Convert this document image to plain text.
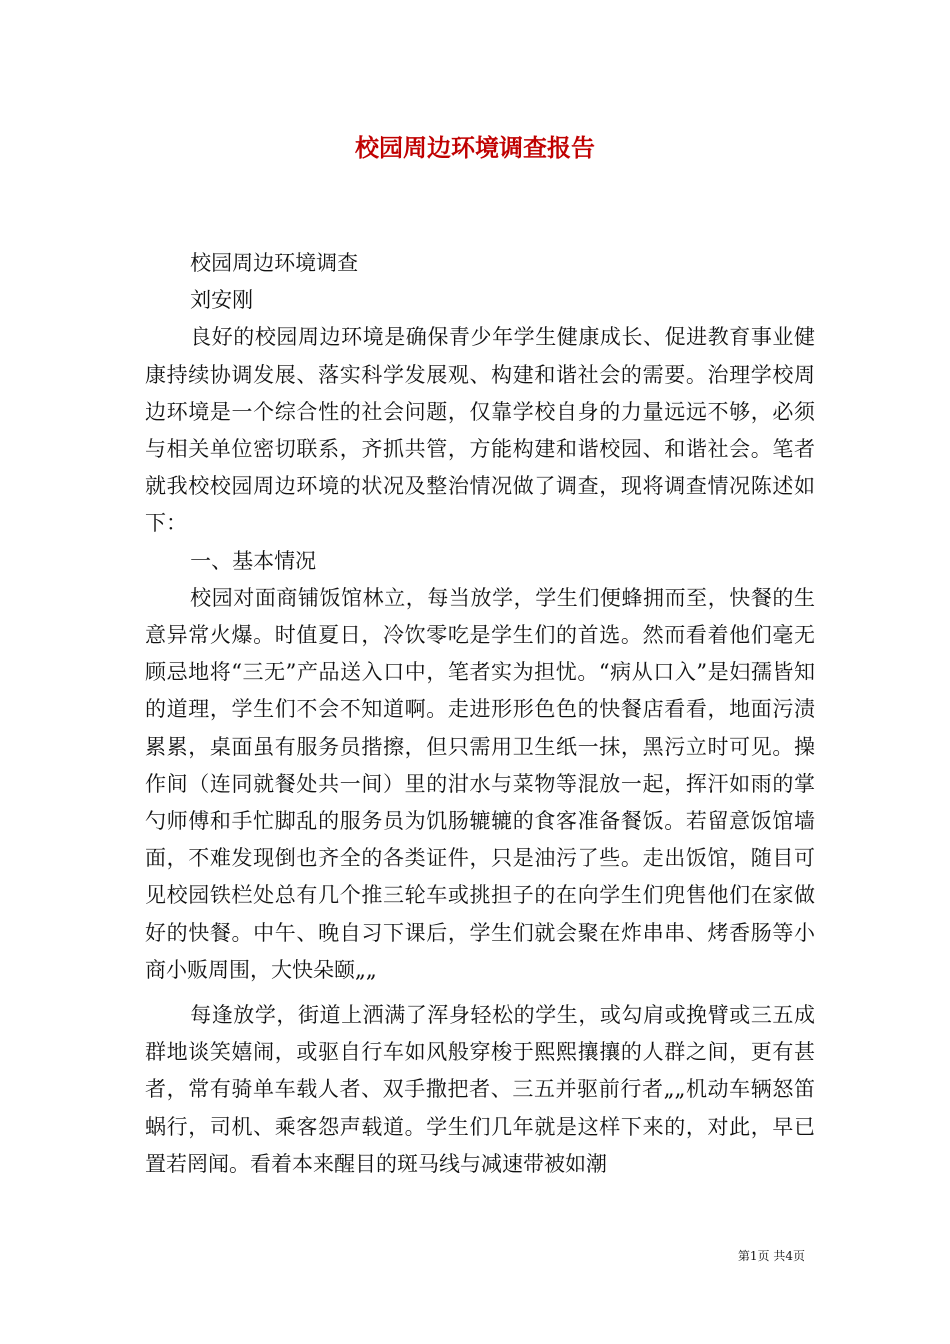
校园周边环境调查报告

校园周边环境调查

刘安刚

良好的校园周边环境是确保青少年学生健康成长、促进教育事业健康持续协调发展、落实科学发展观、构建和谐社会的需要。治理学校周边环境是一个综合性的社会问题，仅靠学校自身的力量远远不够，必须与相关单位密切联系，齐抓共管，方能构建和谐校园、和谐社会。笔者就我校校园周边环境的状况及整治情况做了调查，现将调查情况陈述如下：

一、基本情况

校园对面商铺饭馆林立，每当放学，学生们便蜂拥而至，快餐的生意异常火爆。时值夏日，冷饮零吃是学生们的首选。然而看着他们毫无顾忌地将“三无”产品送入口中，笔者实为担忧。“病从口入”是妇孺皆知的道理，学生们不会不知道啊。走进形形色色的快餐店看看，地面污渍累累，桌面虽有服务员揩擦，但只需用卫生纸一抹，黑污立时可见。操作间（连同就餐处共一间）里的泔水与菜物等混放一起，挥汗如雨的掌勺师傅和手忙脚乱的服务员为饥肠辘辘的食客准备餐饭。若留意饭馆墙面，不难发现倒也齐全的各类证件，只是油污了些。走出饭馆，随目可见校园铁栏处总有几个推三轮车或挑担子的在向学生们兜售他们在家做好的快餐。中午、晚自习下课后，学生们就会聚在炸串串、烤香肠等小商小贩周围，大快朵颐„„

每逢放学，街道上洒满了浑身轻松的学生，或勾肩或挽臂或三五成群地谈笑嬉闹，或驱自行车如风般穿梭于熙熙攘攘的人群之间，更有甚者，常有骑单车载人者、双手撒把者、三五并驱前行者„„机动车辆怒笛蜗行，司机、乘客怨声载道。学生们几年就是这样下来的，对此，早已置若罔闻。看着本来醒目的斑马线与减速带被如潮

第1页 共4页
